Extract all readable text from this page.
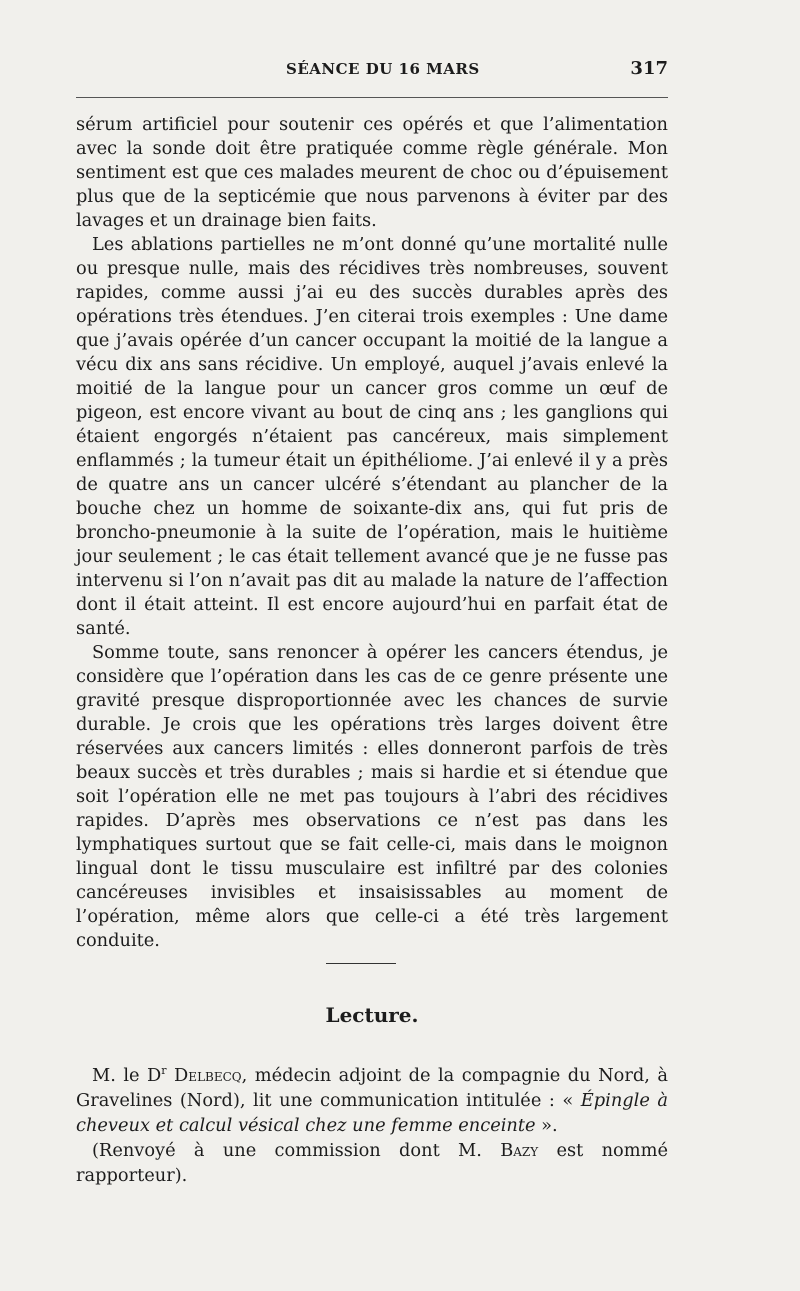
SÉANCE DU 16 MARS	317

sérum artificiel pour soutenir ces opérés et que l’alimentation avec la sonde doit être pratiquée comme règle générale. Mon sentiment est que ces malades meurent de choc ou d’épuisement plus que de la septicémie que nous parvenons à éviter par des lavages et un drainage bien faits.

Les ablations partielles ne m’ont donné qu’une mortalité nulle ou presque nulle, mais des récidives très nombreuses, souvent rapides, comme aussi j’ai eu des succès durables après des opérations très étendues. J’en citerai trois exemples : Une dame que j’avais opérée d’un cancer occupant la moitié de la langue a vécu dix ans sans récidive. Un employé, auquel j’avais enlevé la moitié de la langue pour un cancer gros comme un œuf de pigeon, est encore vivant au bout de cinq ans ; les ganglions qui étaient engorgés n’étaient pas cancéreux, mais simplement enflammés ; la tumeur était un épithéliome. J’ai enlevé il y a près de quatre ans un cancer ulcéré s’étendant au plancher de la bouche chez un homme de soixante-dix ans, qui fut pris de broncho-pneumonie à la suite de l’opération, mais le huitième jour seulement ; le cas était tellement avancé que je ne fusse pas intervenu si l’on n’avait pas dit au malade la nature de l’affection dont il était atteint. Il est encore aujourd’hui en parfait état de santé.

Somme toute, sans renoncer à opérer les cancers étendus, je considère que l’opération dans les cas de ce genre présente une gravité presque disproportionnée avec les chances de survie durable. Je crois que les opérations très larges doivent être réservées aux cancers limités : elles donneront parfois de très beaux succès et très durables ; mais si hardie et si étendue que soit l’opération elle ne met pas toujours à l’abri des récidives rapides. D’après mes observations ce n’est pas dans les lymphatiques surtout que se fait celle-ci, mais dans le moignon lingual dont le tissu musculaire est infiltré par des colonies cancéreuses invisibles et insaisissables au moment de l’opération, même alors que celle-ci a été très largement conduite.

Lecture.

M. le $D^r$ Delbecq, médecin adjoint de la compagnie du Nord, à Gravelines (Nord), lit une communication intitulée : « Épingle à cheveux et calcul vésical chez une femme enceinte ».

(Renvoyé à une commission dont M. Bazy est nommé rapporteur).
